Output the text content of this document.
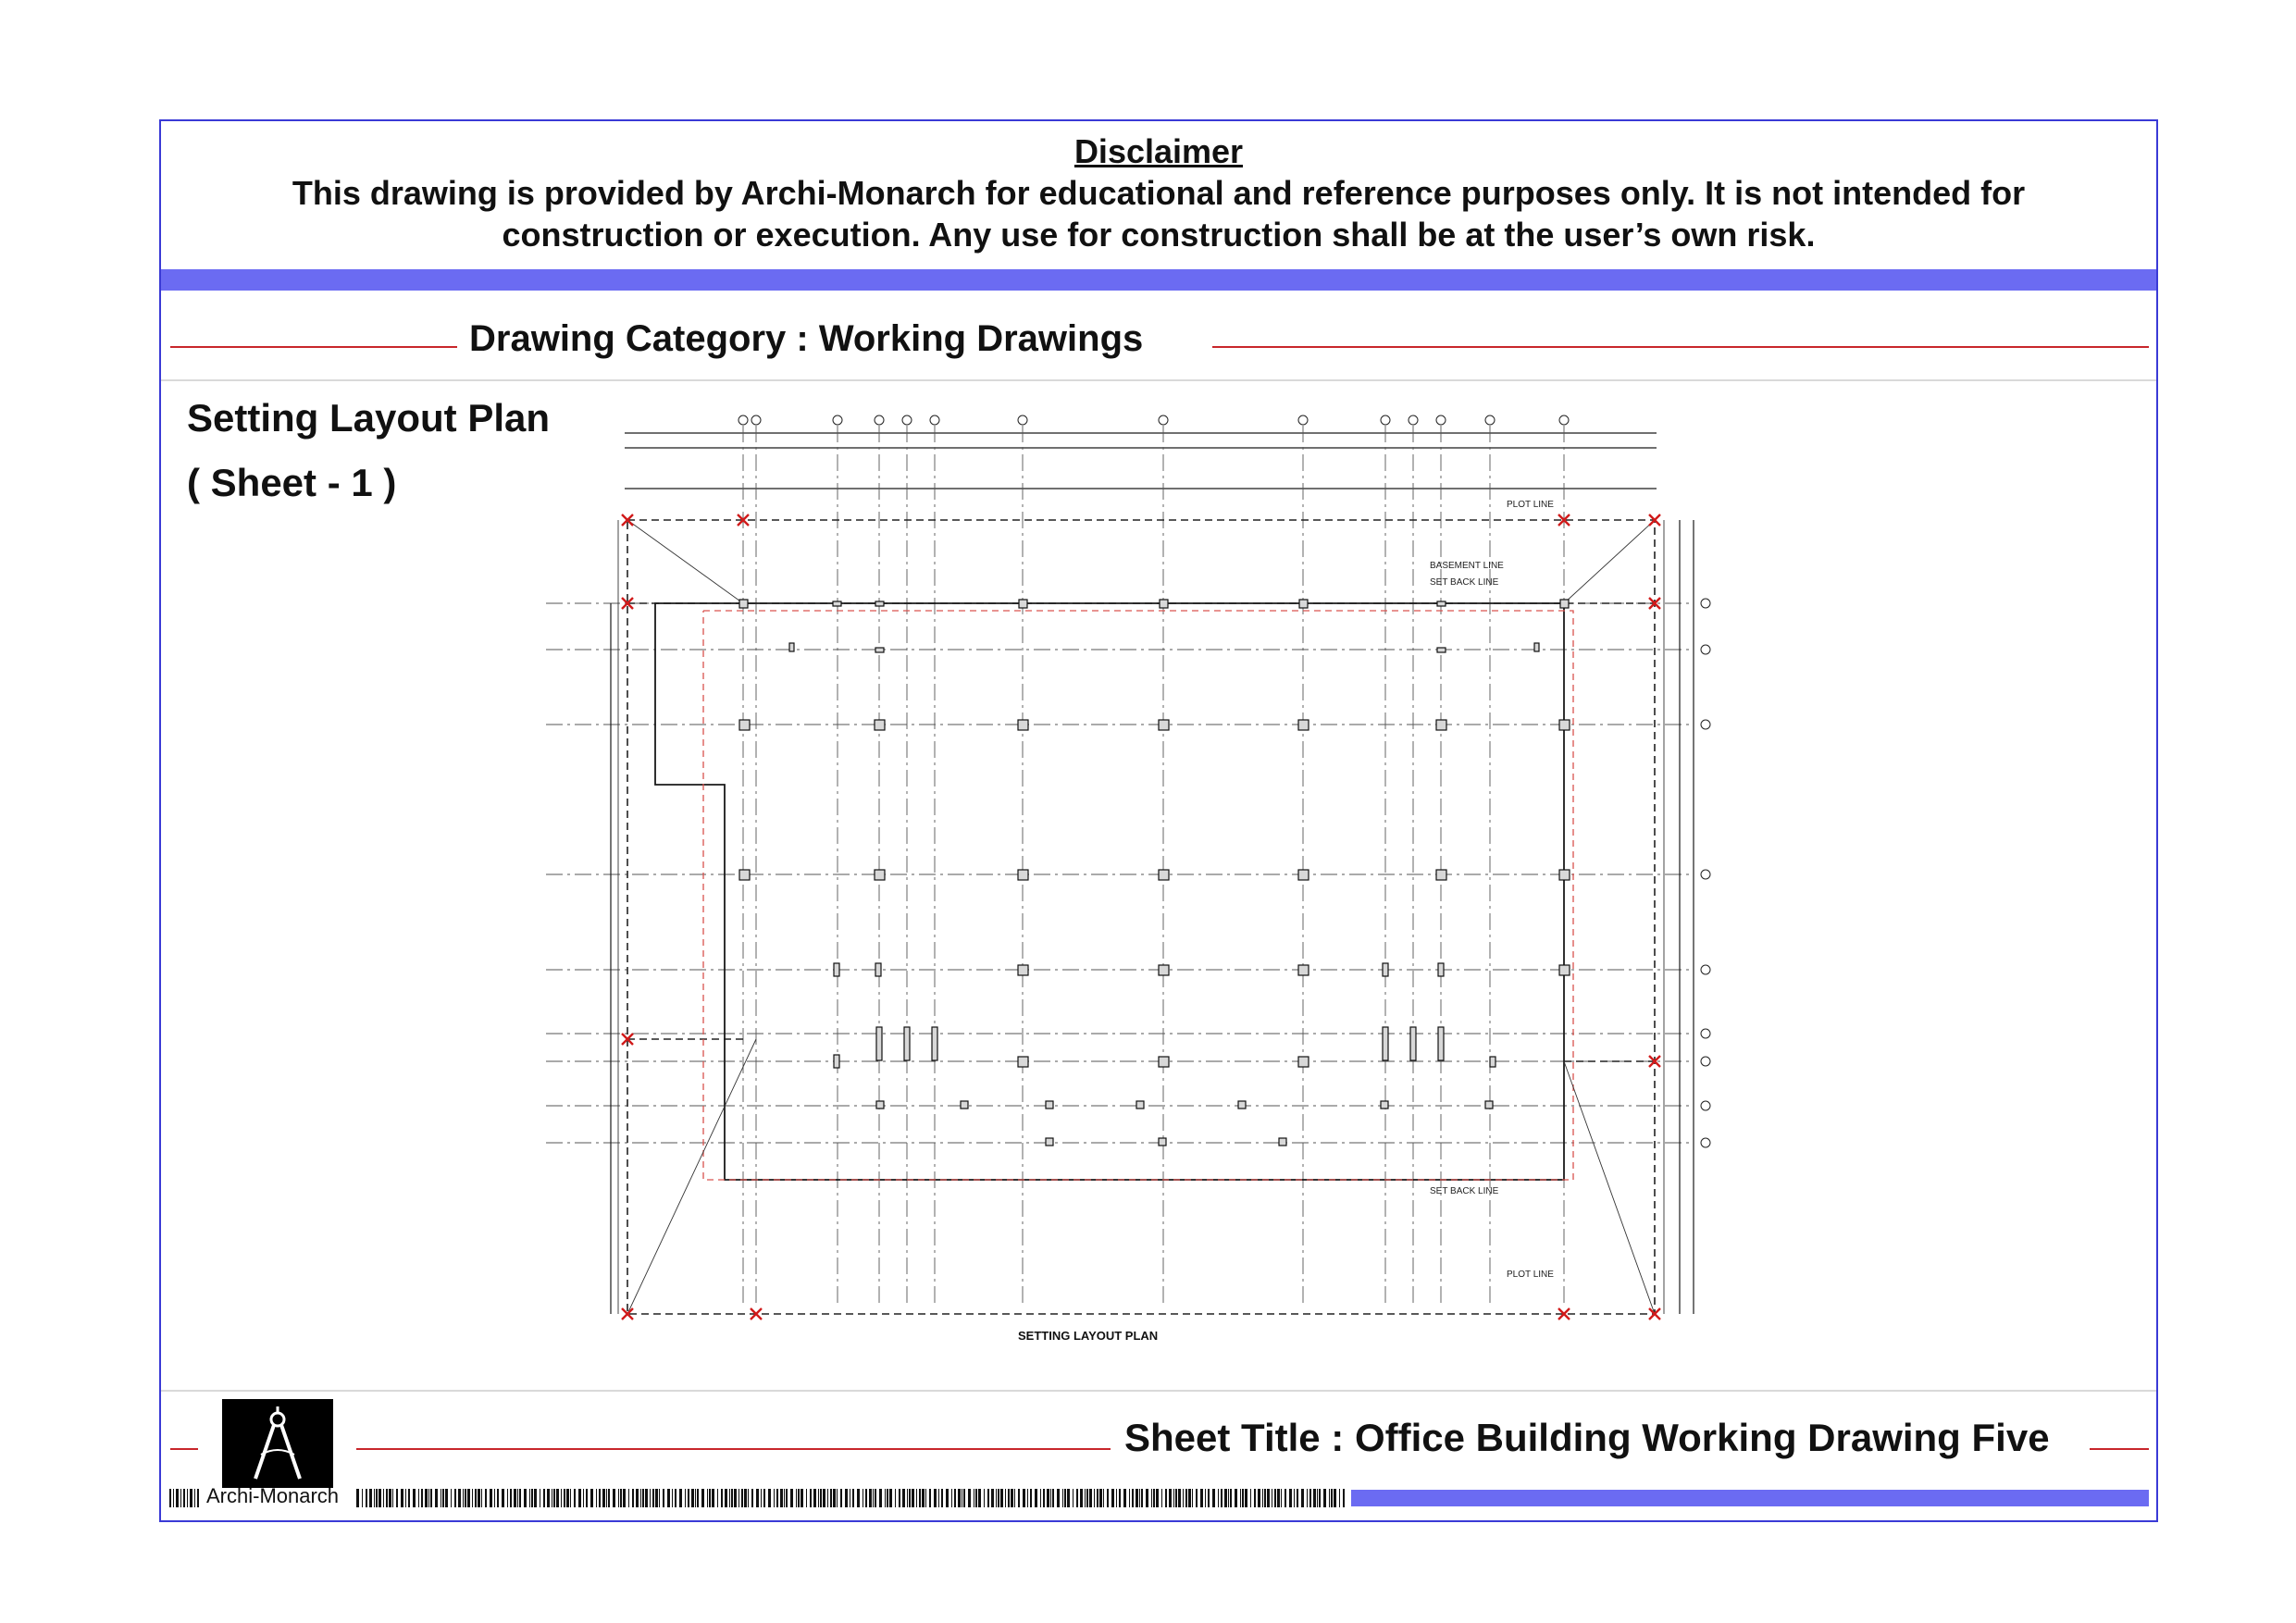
Disclaimer
This drawing is provided by Archi-Monarch for educational and reference purposes only. It is not intended for construction or execution. Any use for construction shall be at the user’s own risk.
Drawing Category : Working Drawings
Setting Layout Plan
( Sheet - 1 )
PLOT LINE
BASEMENT LINE
SET BACK LINE
SET BACK LINE
PLOT LINE
SETTING LAYOUT PLAN
Archi-Monarch
Sheet Title : Office Building Working Drawing Five
